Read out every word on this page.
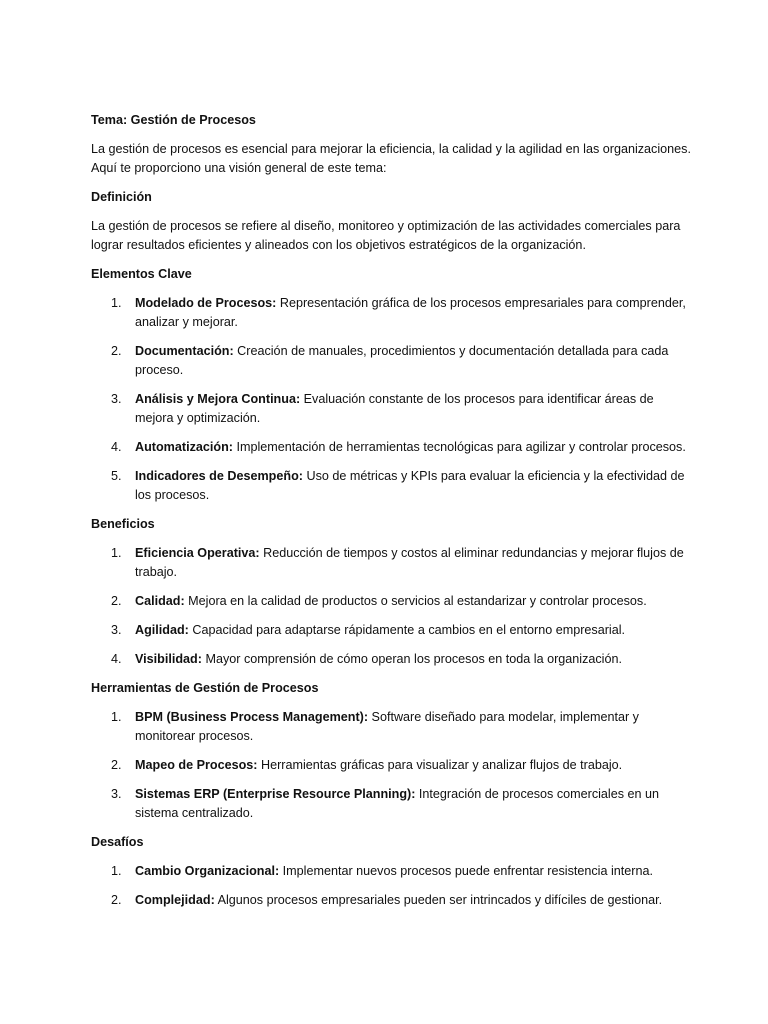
Tema: Gestión de Procesos
La gestión de procesos es esencial para mejorar la eficiencia, la calidad y la agilidad en las organizaciones. Aquí te proporciono una visión general de este tema:
Definición
La gestión de procesos se refiere al diseño, monitoreo y optimización de las actividades comerciales para lograr resultados eficientes y alineados con los objetivos estratégicos de la organización.
Elementos Clave
1. Modelado de Procesos: Representación gráfica de los procesos empresariales para comprender, analizar y mejorar.
2. Documentación: Creación de manuales, procedimientos y documentación detallada para cada proceso.
3. Análisis y Mejora Continua: Evaluación constante de los procesos para identificar áreas de mejora y optimización.
4. Automatización: Implementación de herramientas tecnológicas para agilizar y controlar procesos.
5. Indicadores de Desempeño: Uso de métricas y KPIs para evaluar la eficiencia y la efectividad de los procesos.
Beneficios
1. Eficiencia Operativa: Reducción de tiempos y costos al eliminar redundancias y mejorar flujos de trabajo.
2. Calidad: Mejora en la calidad de productos o servicios al estandarizar y controlar procesos.
3. Agilidad: Capacidad para adaptarse rápidamente a cambios en el entorno empresarial.
4. Visibilidad: Mayor comprensión de cómo operan los procesos en toda la organización.
Herramientas de Gestión de Procesos
1. BPM (Business Process Management): Software diseñado para modelar, implementar y monitorear procesos.
2. Mapeo de Procesos: Herramientas gráficas para visualizar y analizar flujos de trabajo.
3. Sistemas ERP (Enterprise Resource Planning): Integración de procesos comerciales en un sistema centralizado.
Desafíos
1. Cambio Organizacional: Implementar nuevos procesos puede enfrentar resistencia interna.
2. Complejidad: Algunos procesos empresariales pueden ser intrincados y difíciles de gestionar.
